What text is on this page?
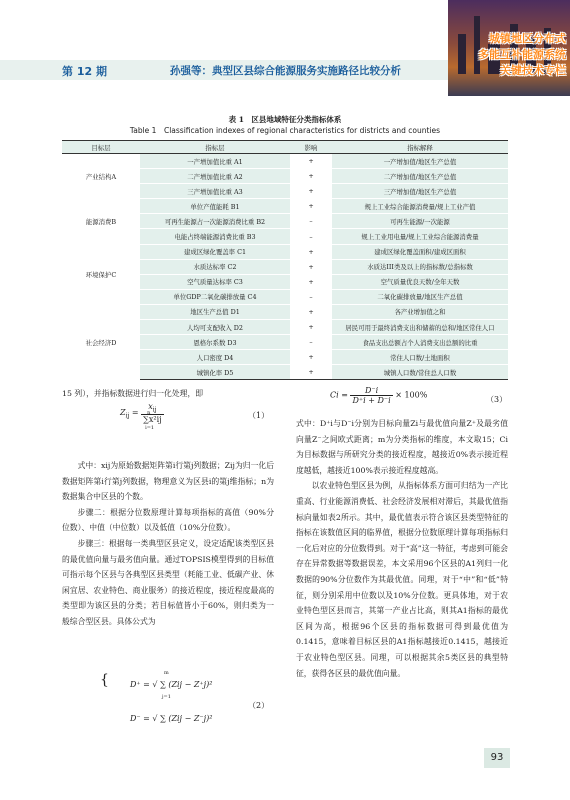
第 12 期	孙强等：典型区县综合能源服务实施路径比较分析
城镇地区分布式
多能互补能源系统
关键技术专栏
表 1　区县地域特征分类指标体系
Table 1　Classification indexes of regional characteristics for districts and counties
目标层	指标层	影响	指标解释
产业结构A	一产增加值比重 A1	+	一产增加值/地区生产总值
	二产增加值比重 A2	+	二产增加值/地区生产总值
	三产增加值比重 A3	+	三产增加值/地区生产总值
能源消费B	单位产值能耗 B1	+	规上工业综合能源消费量/规上工业产值
	可再生能源占一次能源消费比重 B2	–	可再生能源/一次能源
	电能占终端能源消费比重 B3	–	规上工业用电量/规上工业综合能源消费量
环境保护C	建成区绿化覆盖率 C1	+	建成区绿化覆盖面积/建成区面积
	水质达标率 C2	+	水质达III类及以上的指标数/总指标数
	空气质量达标率 C3	+	空气质量优良天数/全年天数
	单位GDP二氧化碳排放量 C4	–	二氧化碳排放量/地区生产总值
社会经济D	地区生产总值 D1	+	各产业增加值之和
	人均可支配收入 D2	+	居民可用于最终消费支出和储蓄的总和/地区常住人口
	恩格尔系数 D3	–	食品支出总额占个人消费支出总额的比重
	人口密度 D4	+	常住人口数/土地面积
	城镇化率 D5	+	城镇人口数/常住总人口数

15 列），并指标数据进行归一化处理，即

$Z_{ij} = x_{ij}$
n
∑x²ij
i=1	（1）

式中：xij为原始数据矩阵第i行第j列数据；Zij为归一化后数据矩阵第i行第j列数据，物理意义为区县i的第j维指标；n为数据集合中区县的个数。

步骤二：根据分位数原理计算每项指标的高值（90%分位数）、中值（中位数）以及低值（10%分位数）。

步骤三：根据每一类典型区县定义，设定适配该类型区县的最优值向量与最劣值向量。通过TOPSIS模型得到的目标值可指示每个区县与各典型区县类型（耗能工业、低碳产业、休闲宜居、农业特色、商业服务）的接近程度，接近程度最高的类型即为该区县的分类；若目标值皆小于60%，则归类为一般综合型区县。具体公式为

{	D⁺ = √ ∑ (Zij − Z⁺j)²
m
j=1
D⁻ = √ ∑ (Zij − Z⁻j)²
（2）
$Ci = \frac{D^-i}{D^+i + D^-i} \times 100\%$	（3）

式中：D⁺i与D⁻i分别为目标向量Zi与最优值向量Z⁺及最劣值向量Z⁻之间欧式距离；m为分类指标的维度，本文取15；Ci为目标数据与所研究分类的接近程度，越接近0%表示接近程度越低，越接近100%表示接近程度越高。

以农业特色型区县为例，从指标体系方面可归结为一产比重高、行业能源消费低、社会经济发展相对滞后，其最优值指标向量如表2所示。其中，最优值表示符合该区县类型特征的指标在该数值区间的临界值，根据分位数原理计算每项指标归一化后对应的分位数得到。对于“高”这一特征，考虑到可能会存在异常数据等数据误差，本文采用96个区县的A1列归一化数据的90%分位数作为其最优值。同理，对于“中”和“低”特征，则分别采用中位数以及10%分位数。更具体地，对于农业特色型区县而言，其第一产业占比高，则其A1指标的最优区间为高，根据96个区县的指标数据可得到最优值为0.1415，意味着目标区县的A1指标越接近0.1415，越接近于农业特色型区县。同理，可以根据其余5类区县的典型特征，获得各区县的最优值向量。

93
